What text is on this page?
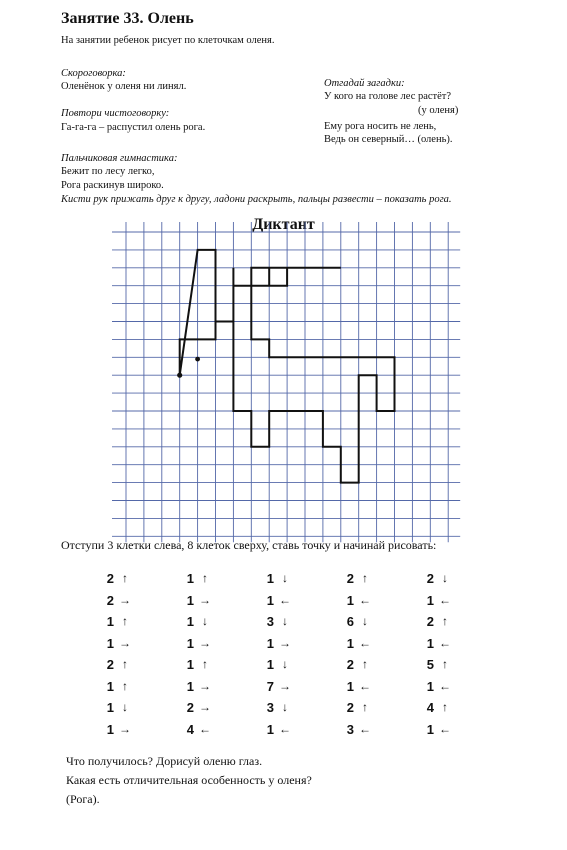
Занятие 33. Олень
На занятии ребенок рисует по клеточкам оленя.
Скороговорка:
Оленёнок у оленя ни линял.
Повтори чистоговорку:
Га-га-га – распустил олень рога.
Пальчиковая гимнастика:
Бежит по лесу легко,
Рога раскинув широко.
Кисти рук прижать друг к другу, ладони раскрыть, пальцы развести – показать рога.
Отгадай загадки:
У кого на голове лес растёт?
(у оленя)
Ему рога носить не лень,
Ведь он северный… (олень).
Диктант
Отступи 3 клетки слева, 8 клеток сверху, ставь точку и начинай рисовать:
2 ↑
2 →
1 ↑
1 →
2 ↑
1 ↑
1 ↓
1 →
1 ↑
1 →
1 ↓
1 →
1 ↑
1 →
2 →
4 ←
1 ↓
1 ←
3 ↓
1 →
1 ↓
7 →
3 ↓
1 ←
2 ↑
1 ←
6 ↓
1 ←
2 ↑
1 ←
2 ↑
3 ←
2 ↓
1 ←
2 ↑
1 ←
5 ↑
1 ←
4 ↑
1 ←
Что получилось? Дорисуй оленю глаз.
Какая есть отличительная особенность у оленя?
(Рога).
